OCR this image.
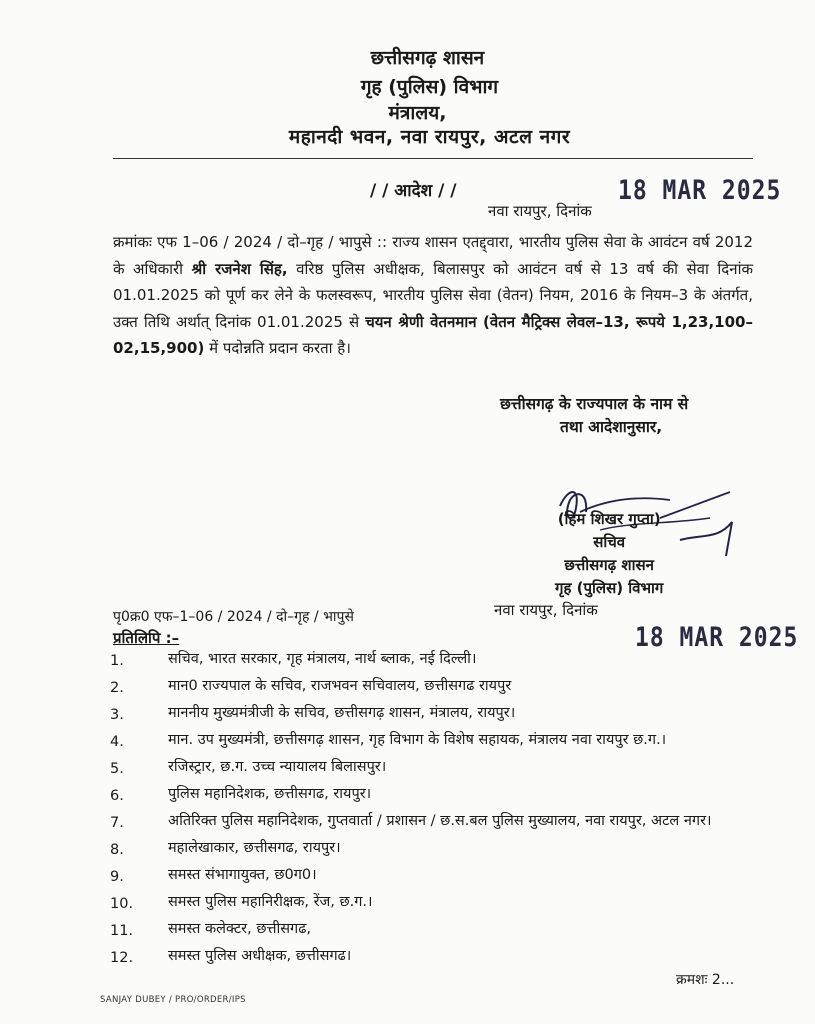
छत्तीसगढ़ शासन
गृह (पुलिस) विभाग
मंत्रालय,
महानदी भवन, नवा रायपुर, अटल नगर
/ / आदेश / /	18 MAR 2025
नवा रायपुर, दिनांक
क्रमांकः एफ 1–06 / 2024 / दो–गृह / भापुसे :: राज्य शासन एतद्द्वारा, भारतीय पुलिस सेवा के आवंटन वर्ष 2012 के अधिकारी श्री रजनेश सिंह, वरिष्ठ पुलिस अधीक्षक, बिलासपुर को आवंटन वर्ष से 13 वर्ष की सेवा दिनांक 01.01.2025 को पूर्ण कर लेने के फलस्वरूप, भारतीय पुलिस सेवा (वेतन) नियम, 2016 के नियम–3 के अंतर्गत, उक्त तिथि अर्थात् दिनांक 01.01.2025 से चयन श्रेणी वेतनमान (वेतन मैट्रिक्स लेवल–13, रूपये 1,23,100–02,15,900) में पदोन्नति प्रदान करता है।
छत्तीसगढ़ के राज्यपाल के नाम से
तथा आदेशानुसार,
(हिम शिखर गुप्ता)
सचिव
छत्तीसगढ़ शासन
गृह (पुलिस) विभाग
पृ0क्र0 एफ–1–06 / 2024 / दो–गृह / भापुसे	नवा रायपुर, दिनांक
18 MAR 2025
प्रतिलिपि :–
1.	सचिव, भारत सरकार, गृह मंत्रालय, नार्थ ब्लाक, नई दिल्ली।
2.	मान0 राज्यपाल के सचिव, राजभवन सचिवालय, छत्तीसगढ रायपुर
3.	माननीय मुख्यमंत्रीजी के सचिव, छत्तीसगढ़ शासन, मंत्रालय, रायपुर।
4.	मान. उप मुख्यमंत्री, छत्तीसगढ़ शासन, गृह विभाग के विशेष सहायक, मंत्रालय नवा रायपुर छ.ग.।
5.	रजिस्ट्रार, छ.ग. उच्च न्यायालय बिलासपुर।
6.	पुलिस महानिदेशक, छत्तीसगढ, रायपुर।
7.	अतिरिक्त पुलिस महानिदेशक, गुप्तवार्ता / प्रशासन / छ.स.बल पुलिस मुख्यालय, नवा रायपुर, अटल नगर।
8.	महालेखाकार, छत्तीसगढ, रायपुर।
9.	समस्त संभागायुक्त, छ0ग0।
10.	समस्त पुलिस महानिरीक्षक, रेंज, छ.ग.।
11.	समस्त कलेक्टर, छत्तीसगढ,
12.	समस्त पुलिस अधीक्षक, छत्तीसगढ।
क्रमशः 2...
SANJAY DUBEY / PRO/ORDER/IPS
